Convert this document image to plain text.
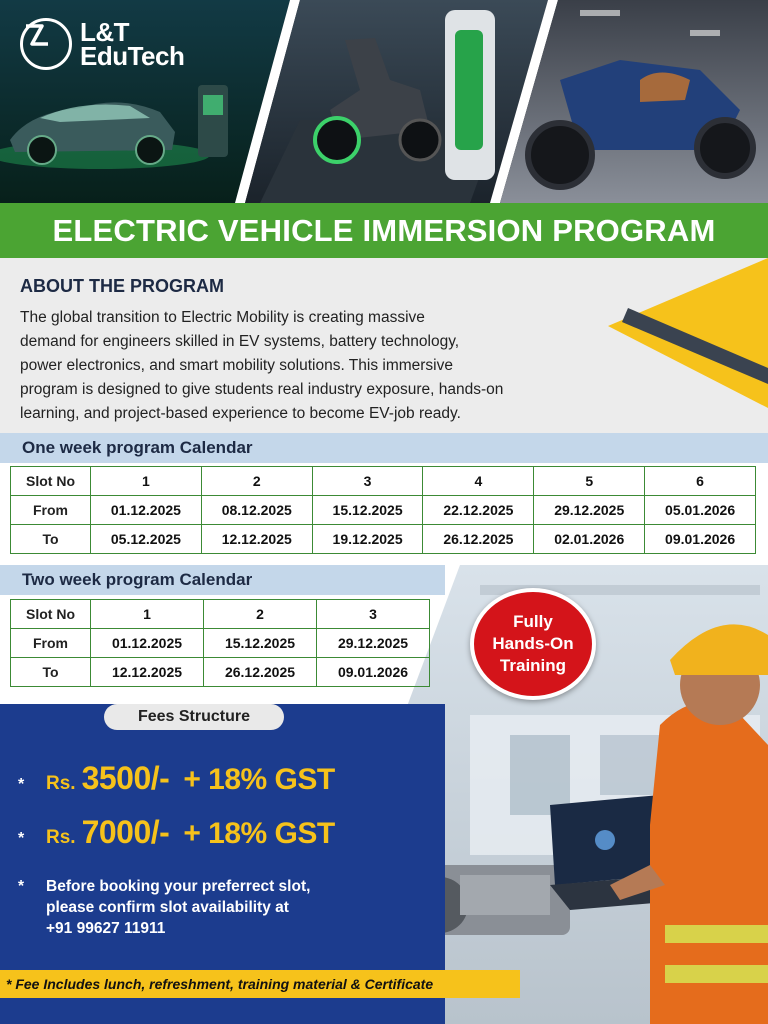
L&T
EduTech
ELECTRIC VEHICLE IMMERSION PROGRAM
ABOUT THE PROGRAM

The global transition to Electric Mobility is creating massive
demand for engineers skilled in EV systems, battery technology,
power electronics, and smart mobility solutions. This immersive
program is designed to give students real industry exposure, hands-on
learning, and project-based experience to become EV-job ready.

One week program Calendar
Slot No	1	2	3	4	5	6
From	01.12.2025	08.12.2025	15.12.2025	22.12.2025	29.12.2025	05.01.2026
To	05.12.2025	12.12.2025	19.12.2025	26.12.2025	02.01.2026	09.01.2026
Fully
Hands-On
Training
Two week program Calendar
Slot No	1	2	3
From	01.12.2025	15.12.2025	29.12.2025
To	12.12.2025	26.12.2025	09.01.2026
Fees Structure
*	Rs. 3500/- + 18% GST
*	Rs. 7000/- + 18% GST
*	Before booking your preferrect slot,
please confirm slot availability at
+91 99627 11911
* Fee Includes lunch, refreshment, training material & Certificate
